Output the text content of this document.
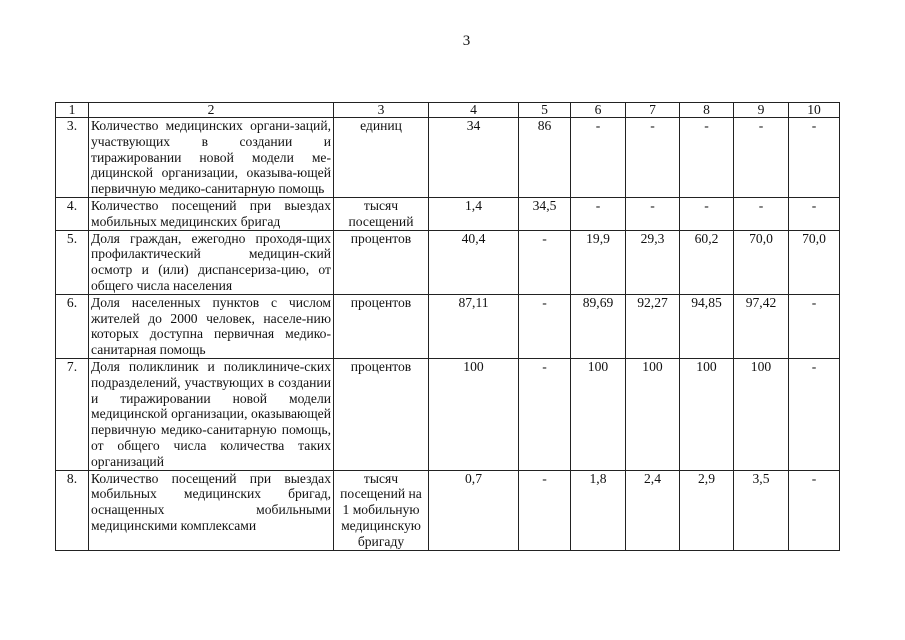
3
1	2	3	4	5	6	7	8	9	10
3.	Количество медицинских органи-заций, участвующих в создании и тиражировании новой модели ме-дицинской организации, оказыва-ющей первичную медико-санитарную помощь	единиц	34	86	-	-	-	-	-
4.	Количество посещений при выездах мобильных медицинских бригад	тысяч посещений	1,4	34,5	-	-	-	-	-
5.	Доля граждан, ежегодно проходя-щих профилактический медицин-ский осмотр и (или) диспансериза-цию, от общего числа населения	процентов	40,4	-	19,9	29,3	60,2	70,0	70,0
6.	Доля населенных пунктов с числом жителей до 2000 человек, населе-нию которых доступна первичная медико-санитарная помощь	процентов	87,11	-	89,69	92,27	94,85	97,42	-
7.	Доля поликлиник и поликлиниче-ских подразделений, участвующих в создании и тиражировании новой модели медицинской организации, оказывающей первичную медико-санитарную помощь, от общего числа количества таких организаций	процентов	100	-	100	100	100	100	-
8.	Количество посещений при выездах мобильных медицинских бригад, оснащенных мобильными медицинскими комплексами	тысяч посещений на 1 мобильную медицинскую бригаду	0,7	-	1,8	2,4	2,9	3,5	-
